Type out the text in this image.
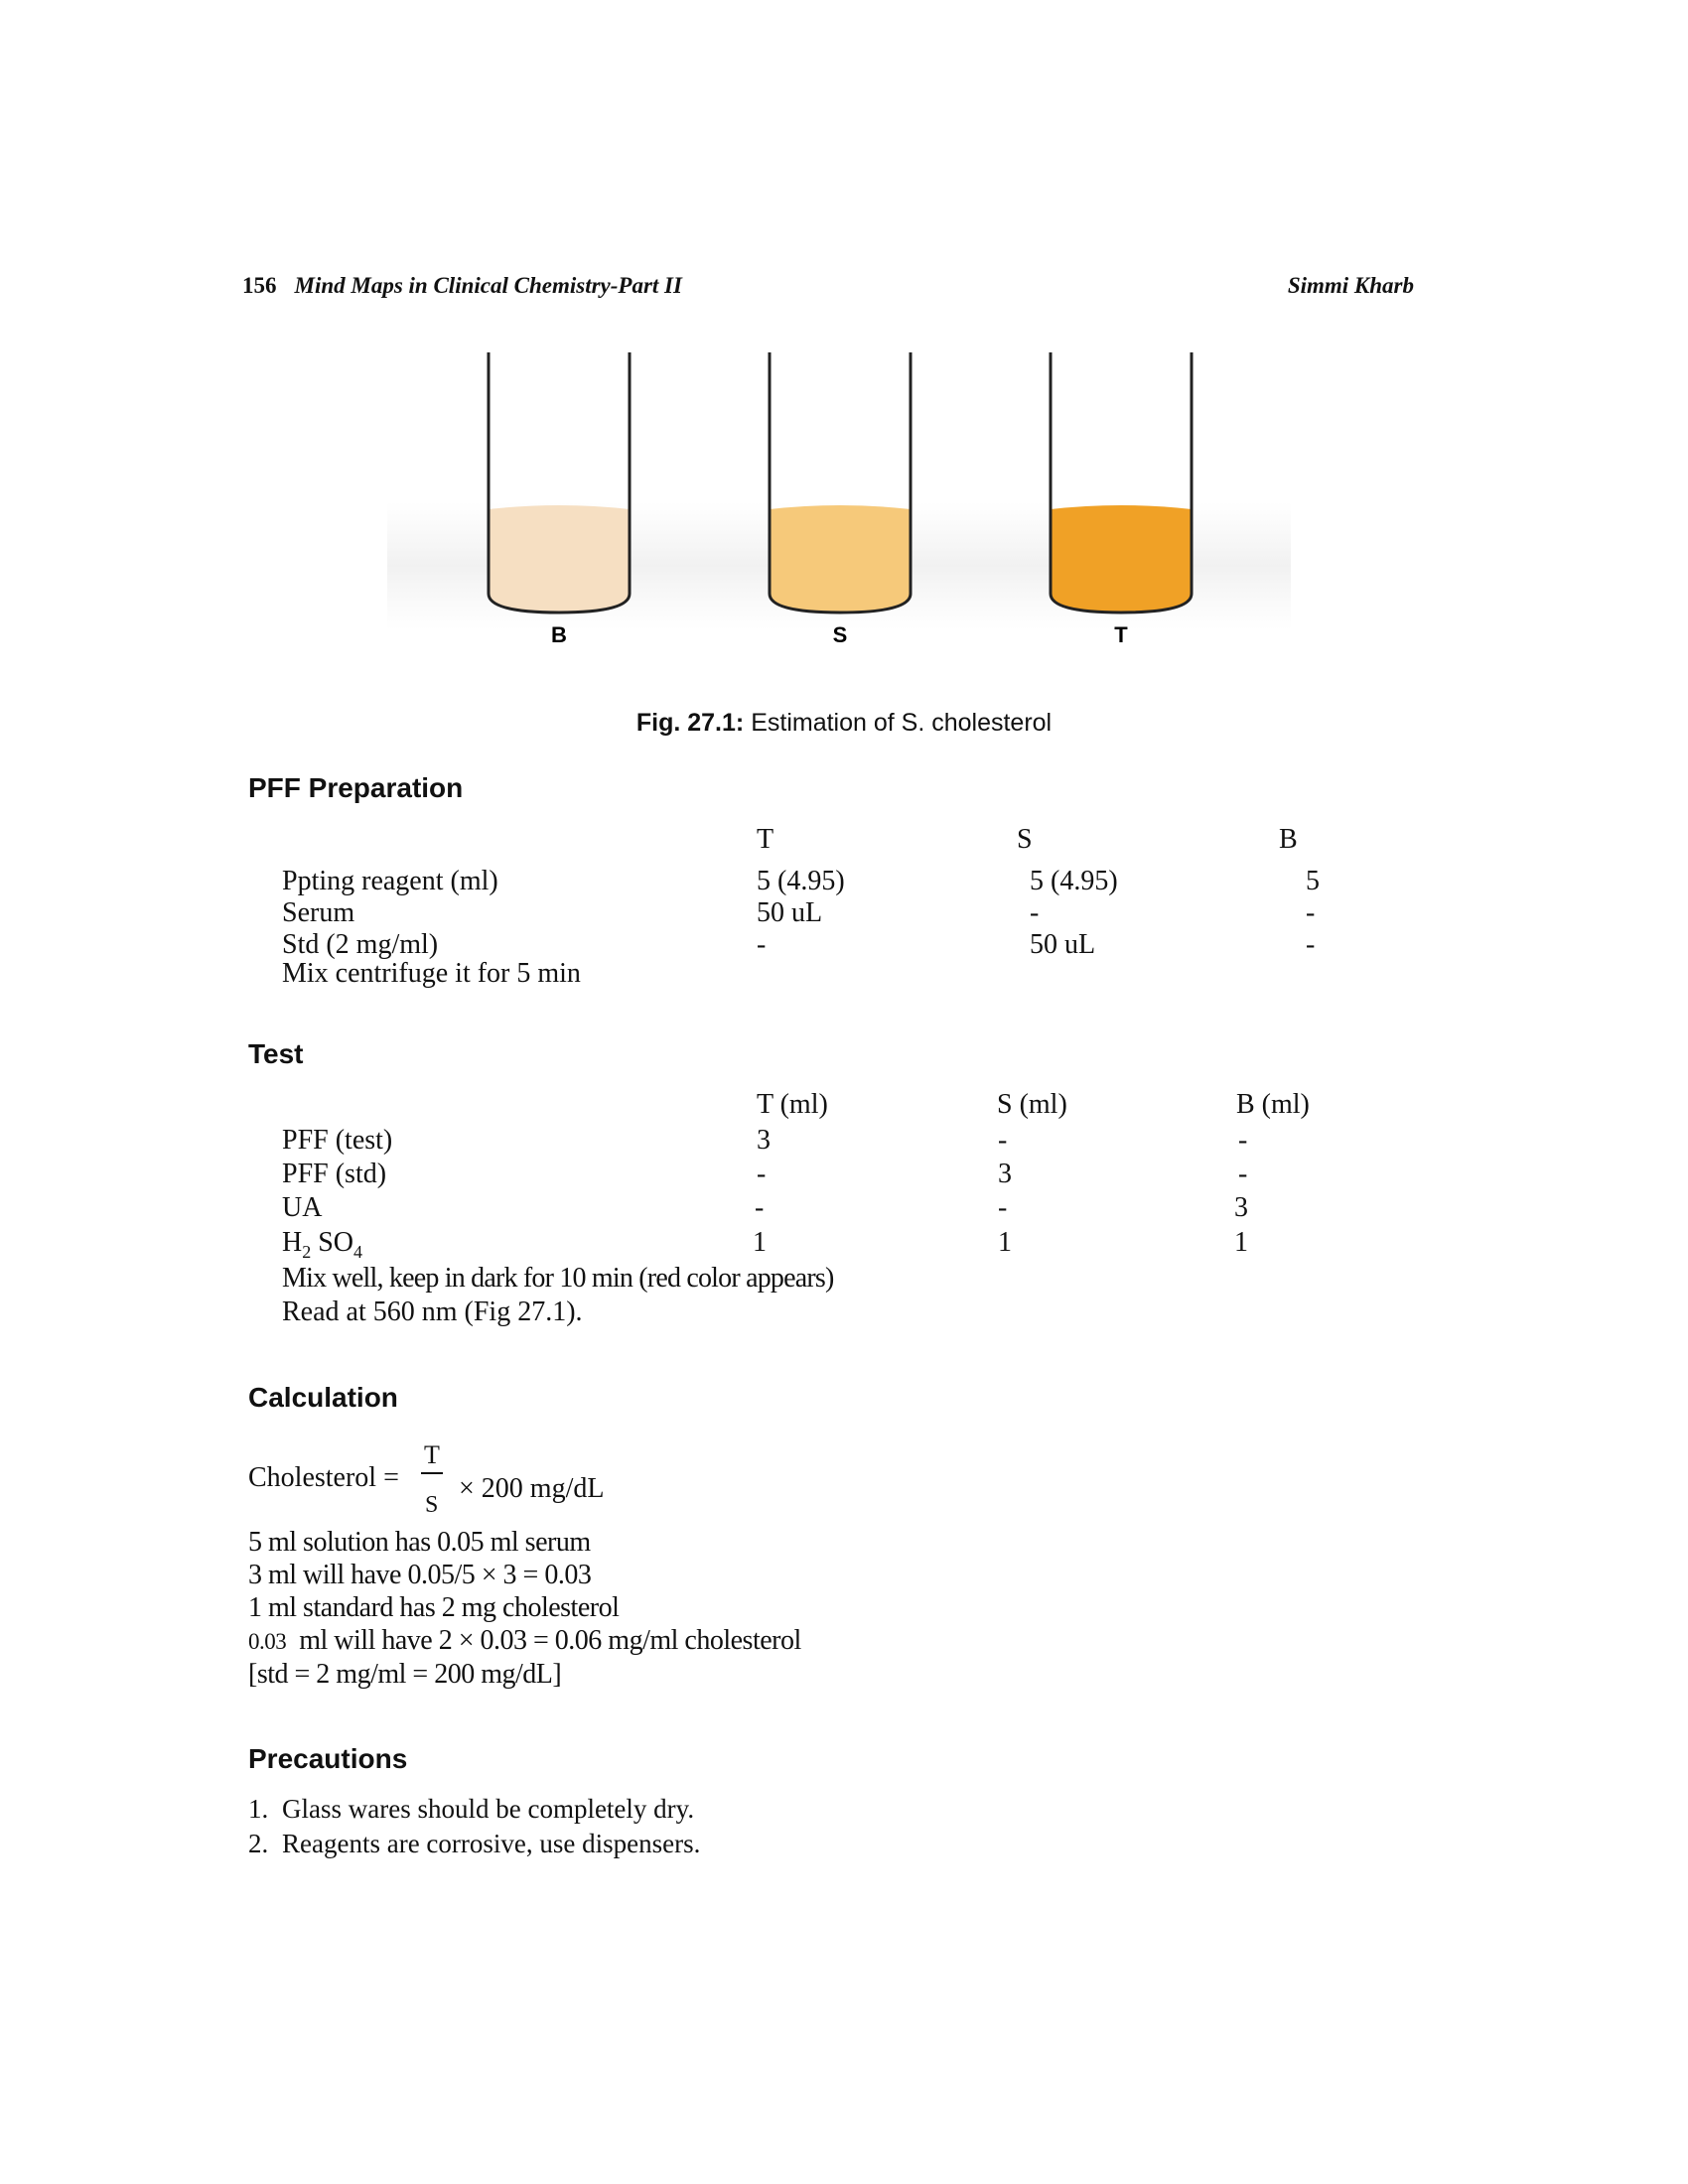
156 Mind Maps in Clinical Chemistry-Part II	Simmi Kharb
B	S	T
Fig. 27.1: Estimation of S. cholesterol
PFF Preparation
T	S	B
Ppting reagent (ml)	5 (4.95)	5 (4.95)	5
Serum	50 uL	-	-
Std (2 mg/ml)	-	50 uL	-
Mix centrifuge it for 5 min
Test
T (ml)	S (ml)	B (ml)
PFF (test)	3	-	-
PFF (std)	-	3	-
UA	-	-	3
$H_2$ $SO_4$	1	1	1
Mix well, keep in dark for 10 min (red color appears)
Read at 560 nm (Fig 27.1).
Calculation
Cholesterol =
T
S
× 200 mg/dL
5 ml solution has 0.05 ml serum
3 ml will have 0.05/5 × 3 = 0.03
1 ml standard has 2 mg cholesterol
0.03  ml will have 2 × 0.03 = 0.06 mg/ml cholesterol
[std = 2 mg/ml = 200 mg/dL]
Precautions
1. Glass wares should be completely dry.
2. Reagents are corrosive, use dispensers.
